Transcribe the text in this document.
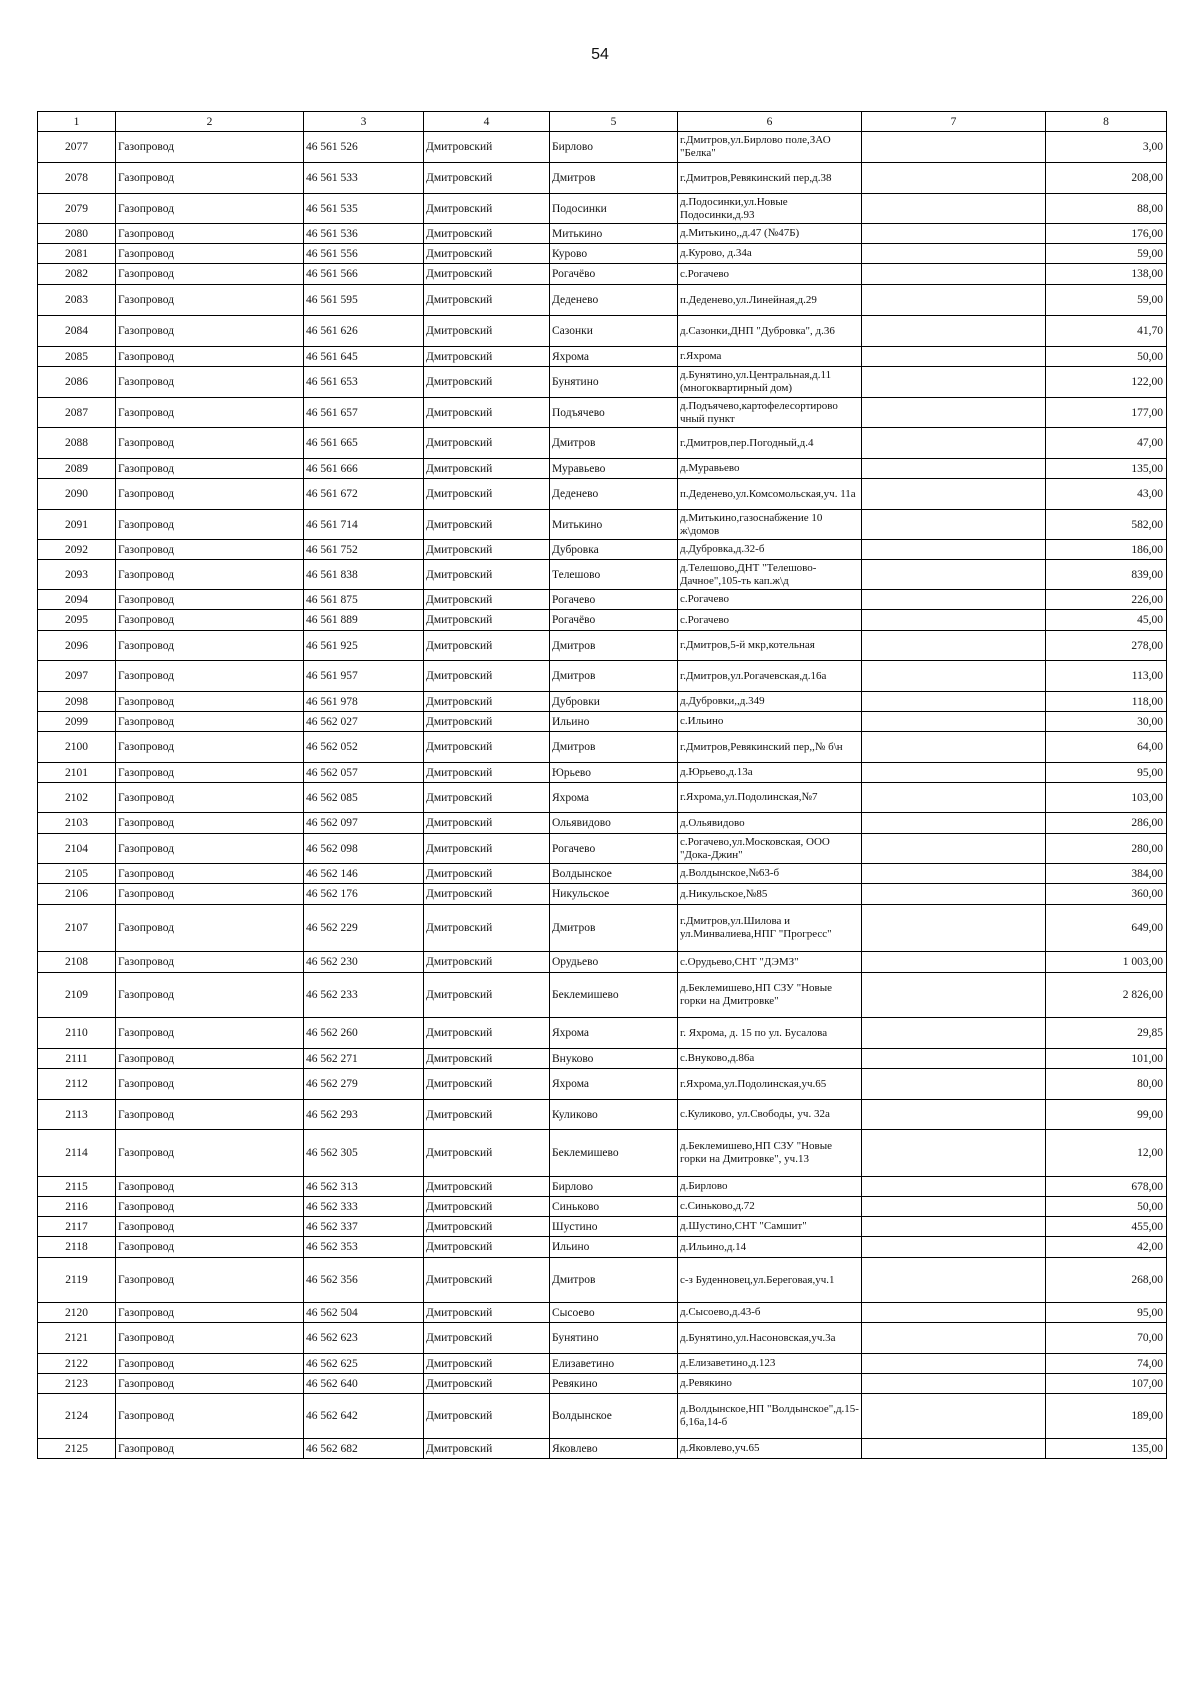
54
1	2	3	4	5	6	7	8
2077	Газопровод	46 561 526	Дмитровский	Бирлово	г.Дмитров,ул.Бирлово поле,ЗАО "Белка"		3,00
2078	Газопровод	46 561 533	Дмитровский	Дмитров	г.Дмитров,Ревякинский пер,д.38		208,00
2079	Газопровод	46 561 535	Дмитровский	Подосинки	д.Подосинки,ул.Новые Подосинки,д.93		88,00
2080	Газопровод	46 561 536	Дмитровский	Митькино	д.Митькино,,д.47 (№47Б)		176,00
2081	Газопровод	46 561 556	Дмитровский	Курово	д.Курово, д.34а		59,00
2082	Газопровод	46 561 566	Дмитровский	Рогачёво	с.Рогачево		138,00
2083	Газопровод	46 561 595	Дмитровский	Деденево	п.Деденево,ул.Линейная,д.29		59,00
2084	Газопровод	46 561 626	Дмитровский	Сазонки	д.Сазонки,ДНП "Дубровка", д.36		41,70
2085	Газопровод	46 561 645	Дмитровский	Яхрома	г.Яхрома		50,00
2086	Газопровод	46 561 653	Дмитровский	Бунятино	д.Бунятино,ул.Центральная,д.11 (многоквартирный дом)		122,00
2087	Газопровод	46 561 657	Дмитровский	Подъячево	д.Подъячево,картофелесортирово чный пункт		177,00
2088	Газопровод	46 561 665	Дмитровский	Дмитров	г.Дмитров,пер.Погодный,д.4		47,00
2089	Газопровод	46 561 666	Дмитровский	Муравьево	д.Муравьево		135,00
2090	Газопровод	46 561 672	Дмитровский	Деденево	п.Деденево,ул.Комсомольская,уч. 11а		43,00
2091	Газопровод	46 561 714	Дмитровский	Митькино	д.Митькино,газоснабжение 10 ж\домов		582,00
2092	Газопровод	46 561 752	Дмитровский	Дубровка	д.Дубровка,д.32-б		186,00
2093	Газопровод	46 561 838	Дмитровский	Телешово	д.Телешово,ДНТ "Телешово-Дачное",105-ть кап.ж\д		839,00
2094	Газопровод	46 561 875	Дмитровский	Рогачево	с.Рогачево		226,00
2095	Газопровод	46 561 889	Дмитровский	Рогачёво	с.Рогачево		45,00
2096	Газопровод	46 561 925	Дмитровский	Дмитров	г.Дмитров,5-й мкр,котельная		278,00
2097	Газопровод	46 561 957	Дмитровский	Дмитров	г.Дмитров,ул.Рогачевская,д.16а		113,00
2098	Газопровод	46 561 978	Дмитровский	Дубровки	д.Дубровки,,д.349		118,00
2099	Газопровод	46 562 027	Дмитровский	Ильино	с.Ильино		30,00
2100	Газопровод	46 562 052	Дмитровский	Дмитров	г.Дмитров,Ревякинский пер,,№ б\н		64,00
2101	Газопровод	46 562 057	Дмитровский	Юрьево	д.Юрьево,д.13а		95,00
2102	Газопровод	46 562 085	Дмитровский	Яхрома	г.Яхрома,ул.Подолинская,№7		103,00
2103	Газопровод	46 562 097	Дмитровский	Ольявидово	д.Ольявидово		286,00
2104	Газопровод	46 562 098	Дмитровский	Рогачево	с.Рогачево,ул.Московская, ООО "Дока-Джин"		280,00
2105	Газопровод	46 562 146	Дмитровский	Волдынское	д.Волдынское,№63-б		384,00
2106	Газопровод	46 562 176	Дмитровский	Никульское	д.Никульское,№85		360,00
2107	Газопровод	46 562 229	Дмитровский	Дмитров	г.Дмитров,ул.Шилова и ул.Минвалиева,НПГ "Прогресс"		649,00
2108	Газопровод	46 562 230	Дмитровский	Орудьево	с.Орудьево,СНТ "ДЭМЗ"		1 003,00
2109	Газопровод	46 562 233	Дмитровский	Беклемишево	д.Беклемишево,НП СЗУ "Новые горки на Дмитровке"		2 826,00
2110	Газопровод	46 562 260	Дмитровский	Яхрома	г. Яхрома, д. 15 по ул. Бусалова		29,85
2111	Газопровод	46 562 271	Дмитровский	Внуково	с.Внуково,д.86а		101,00
2112	Газопровод	46 562 279	Дмитровский	Яхрома	г.Яхрома,ул.Подолинская,уч.65		80,00
2113	Газопровод	46 562 293	Дмитровский	Куликово	с.Куликово, ул.Свободы, уч. 32а		99,00
2114	Газопровод	46 562 305	Дмитровский	Беклемишево	д.Беклемишево,НП СЗУ "Новые горки на Дмитровке", уч.13		12,00
2115	Газопровод	46 562 313	Дмитровский	Бирлово	д.Бирлово		678,00
2116	Газопровод	46 562 333	Дмитровский	Синьково	с.Синьково,д.72		50,00
2117	Газопровод	46 562 337	Дмитровский	Шустино	д.Шустино,СНТ "Самшит"		455,00
2118	Газопровод	46 562 353	Дмитровский	Ильино	д.Ильино,д.14		42,00
2119	Газопровод	46 562 356	Дмитровский	Дмитров	с-з Буденновец,ул.Береговая,уч.1		268,00
2120	Газопровод	46 562 504	Дмитровский	Сысоево	д.Сысоево,д.43-б		95,00
2121	Газопровод	46 562 623	Дмитровский	Бунятино	д.Бунятино,ул.Насоновская,уч.3а		70,00
2122	Газопровод	46 562 625	Дмитровский	Елизаветино	д.Елизаветино,д.123		74,00
2123	Газопровод	46 562 640	Дмитровский	Ревякино	д.Ревякино		107,00
2124	Газопровод	46 562 642	Дмитровский	Волдынское	д.Волдынское,НП "Волдынское",д.15-б,16а,14-б		189,00
2125	Газопровод	46 562 682	Дмитровский	Яковлево	д.Яковлево,уч.65		135,00
